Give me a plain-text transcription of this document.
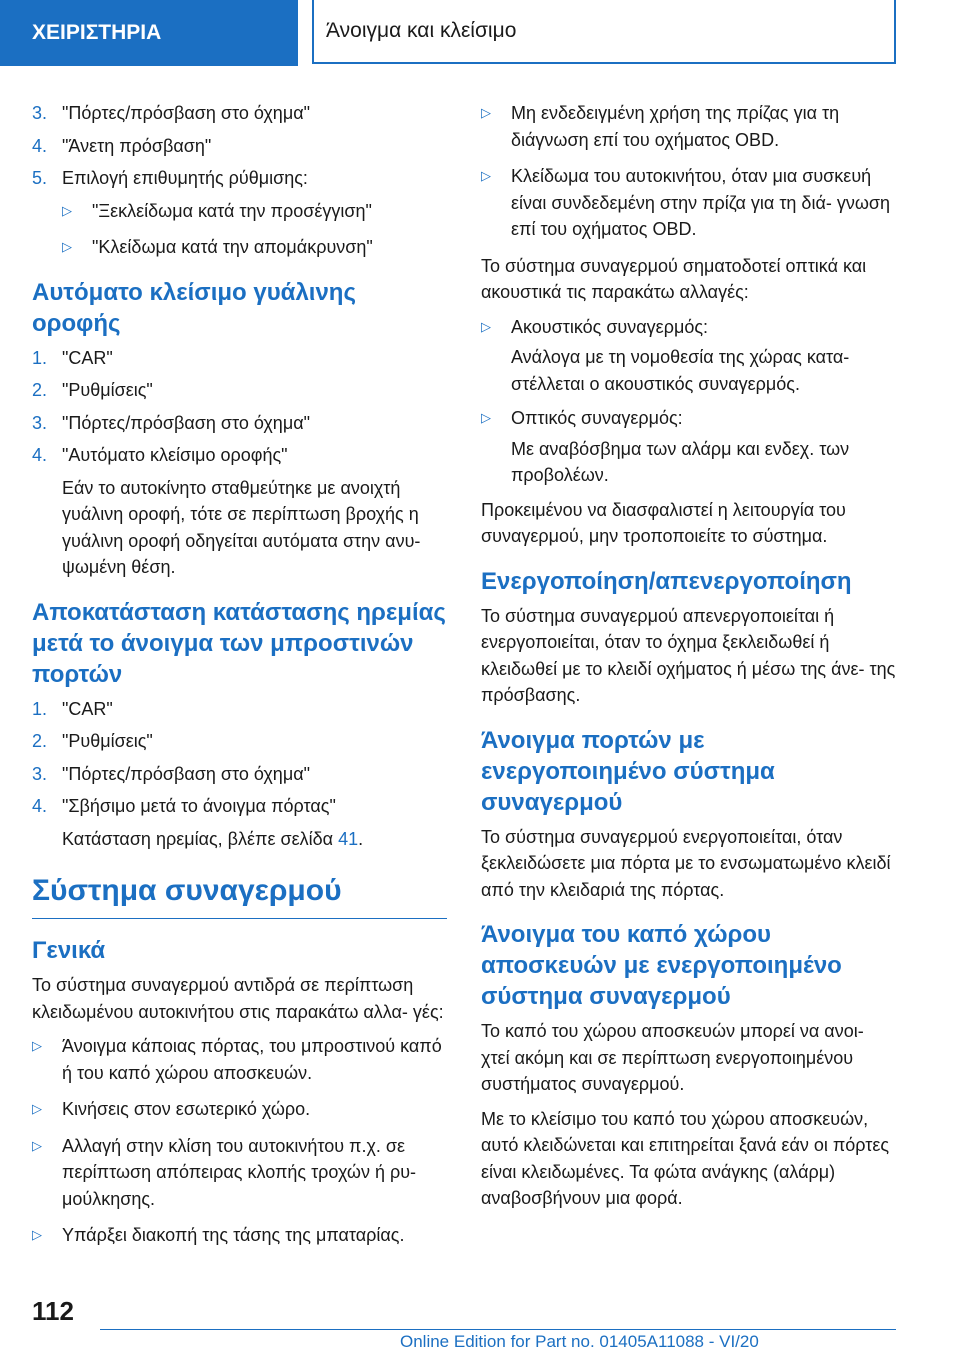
ΧΕΙΡΙΣΤΗΡΙΑ	Άνοιγμα και κλείσιμο
3. "Πόρτες/πρόσβαση στο όχημα"
4. "Άνετη πρόσβαση"
5. Επιλογή επιθυμητής ρύθμισης:
▷	"Ξεκλείδωμα κατά την προσέγγιση"
▷	"Κλείδωμα κατά την απομάκρυνση"
Αυτόματο κλείσιμο γυάλινης οροφής
1. "CAR"
2. "Ρυθμίσεις"
3. "Πόρτες/πρόσβαση στο όχημα"
4. "Αυτόματο κλείσιμο οροφής"
Εάν το αυτοκίνητο σταθμεύτηκε με ανοιχτή γυάλινη οροφή, τότε σε περίπτωση βροχής η γυάλινη οροφή οδηγείται αυτόματα στην ανυ- ψωμένη θέση.
Αποκατάσταση κατάστασης ηρεμίας μετά το άνοιγμα των μπροστινών πορτών
1. "CAR"
2. "Ρυθμίσεις"
3. "Πόρτες/πρόσβαση στο όχημα"
4. "Σβήσιμο μετά το άνοιγμα πόρτας"
Κατάσταση ηρεμίας, βλέπε σελίδα 41.
Σύστημα συναγερμού
Γενικά

Το σύστημα συναγερμού αντιδρά σε περίπτωση κλειδωμένου αυτοκινήτου στις παρακάτω αλλα- γές:

▷	Άνοιγμα κάποιας πόρτας, του μπροστινού καπό ή του καπό χώρου αποσκευών.
▷	Κινήσεις στον εσωτερικό χώρο.
▷	Αλλαγή στην κλίση του αυτοκινήτου π.χ. σε περίπτωση απόπειρας κλοπής τροχών ή ρυ- μούλκησης.
▷	Υπάρξει διακοπή της τάσης της μπαταρίας.
▷	Μη ενδεδειγμένη χρήση της πρίζας για τη διάγνωση επί του οχήματος OBD.
▷	Κλείδωμα του αυτοκινήτου, όταν μια συσκευή είναι συνδεδεμένη στην πρίζα για τη διά- γνωση επί του οχήματος OBD.

Το σύστημα συναγερμού σηματοδοτεί οπτικά και ακουστικά τις παρακάτω αλλαγές:

▷	Ακουστικός συναγερμός:
Ανάλογα με τη νομοθεσία της χώρας κατα- στέλλεται ο ακουστικός συναγερμός.
▷	Οπτικός συναγερμός:
Με αναβόσβημα των αλάρμ και ενδεχ. των προβολέων.

Προκειμένου να διασφαλιστεί η λειτουργία του συναγερμού, μην τροποποιείτε το σύστημα.

Ενεργοποίηση/απενεργοποίηση

Το σύστημα συναγερμού απενεργοποιείται ή ενεργοποιείται, όταν το όχημα ξεκλειδωθεί ή κλειδωθεί με το κλειδί οχήματος ή μέσω της άνε- της πρόσβασης.

Άνοιγμα πορτών με ενεργοποιημένο σύστημα συναγερμού

Το σύστημα συναγερμού ενεργοποιείται, όταν ξεκλειδώσετε μια πόρτα με το ενσωματωμένο κλειδί από την κλειδαριά της πόρτας.

Άνοιγμα του καπό χώρου αποσκευών με ενεργοποιημένο σύστημα συναγερμού

Το καπό του χώρου αποσκευών μπορεί να ανοι- χτεί ακόμη και σε περίπτωση ενεργοποιημένου συστήματος συναγερμού.

Με το κλείσιμο του καπό του χώρου αποσκευών, αυτό κλειδώνεται και επιτηρείται ξανά εάν οι πόρτες είναι κλειδωμένες. Τα φώτα ανάγκης (αλάρμ) αναβοσβήνουν μια φορά.

112
Online Edition for Part no. 01405A11088 - VI/20
